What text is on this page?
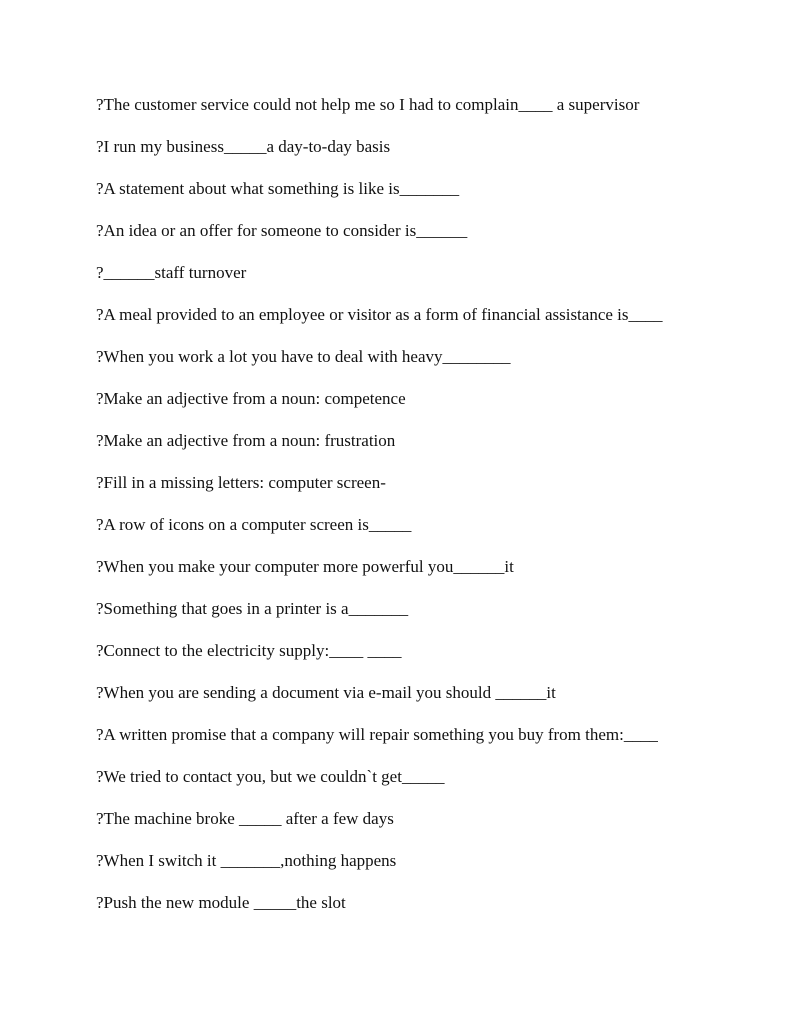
?The customer service could not help me so I had to complain____ a supervisor
?I run my business_____a day-to-day basis
?A statement about what something is like is_______
?An idea or an offer for someone to consider is______
?______staff turnover
?A meal provided to an employee or visitor as a form of financial assistance is____
?When you work a lot you have to deal with heavy________
?Make an adjective from a noun: competence
?Make an adjective from a noun: frustration
?Fill in a missing letters: computer screen-
?A row of icons on a computer screen is_____
?When you make your computer more powerful you______it
?Something that goes in a printer is a_______
?Connect to the electricity supply:____ ____
?When you are sending a document via e-mail you should ______it
?A written promise that a company will repair something you buy from them:____
?We tried to contact you, but we couldn`t get_____
?The machine broke _____ after a few days
?When I switch it _______,nothing happens
?Push the new module _____the slot
